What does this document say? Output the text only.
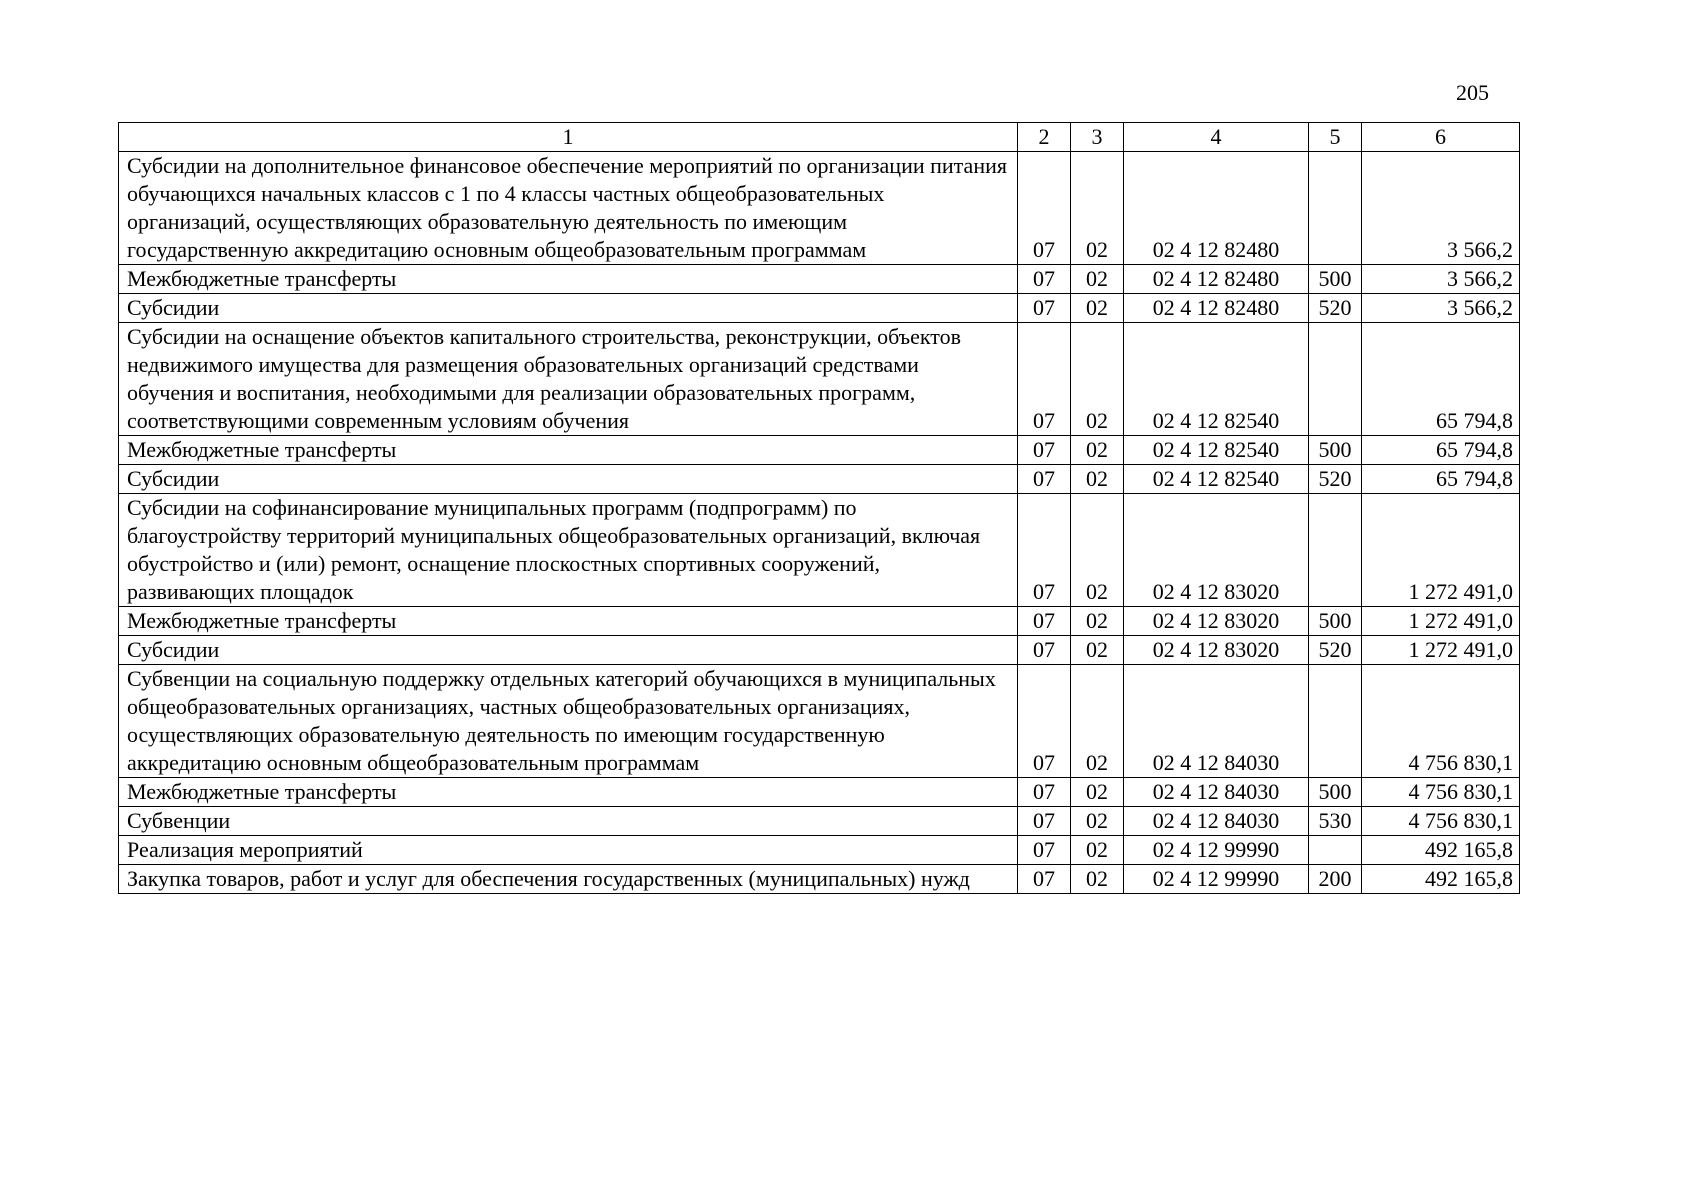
205
1	2	3	4	5	6
Субсидии на дополнительное финансовое обеспечение мероприятий по организации питания обучающихся начальных классов с 1 по 4 классы частных общеобразовательных организаций, осуществляющих образовательную деятельность по имеющим государственную аккредитацию основным общеобразовательным программам	07	02	02 4 12 82480		3 566,2
Межбюджетные трансферты	07	02	02 4 12 82480	500	3 566,2
Субсидии	07	02	02 4 12 82480	520	3 566,2
Субсидии на оснащение объектов капитального строительства, реконструкции, объектов недвижимого имущества для размещения образовательных организаций средствами обучения и воспитания, необходимыми для реализации образовательных программ, соответствующими современным условиям обучения	07	02	02 4 12 82540		65 794,8
Межбюджетные трансферты	07	02	02 4 12 82540	500	65 794,8
Субсидии	07	02	02 4 12 82540	520	65 794,8
Субсидии на софинансирование муниципальных программ (подпрограмм) по благоустройству территорий муниципальных общеобразовательных организаций, включая обустройство и (или) ремонт, оснащение плоскостных спортивных сооружений, развивающих площадок	07	02	02 4 12 83020		1 272 491,0
Межбюджетные трансферты	07	02	02 4 12 83020	500	1 272 491,0
Субсидии	07	02	02 4 12 83020	520	1 272 491,0
Субвенции на социальную поддержку отдельных категорий обучающихся в муниципальных общеобразовательных организациях, частных общеобразовательных организациях, осуществляющих образовательную деятельность по имеющим государственную аккредитацию основным общеобразовательным программам	07	02	02 4 12 84030		4 756 830,1
Межбюджетные трансферты	07	02	02 4 12 84030	500	4 756 830,1
Субвенции	07	02	02 4 12 84030	530	4 756 830,1
Реализация мероприятий	07	02	02 4 12 99990		492 165,8
Закупка товаров, работ и услуг для обеспечения государственных (муниципальных) нужд	07	02	02 4 12 99990	200	492 165,8
